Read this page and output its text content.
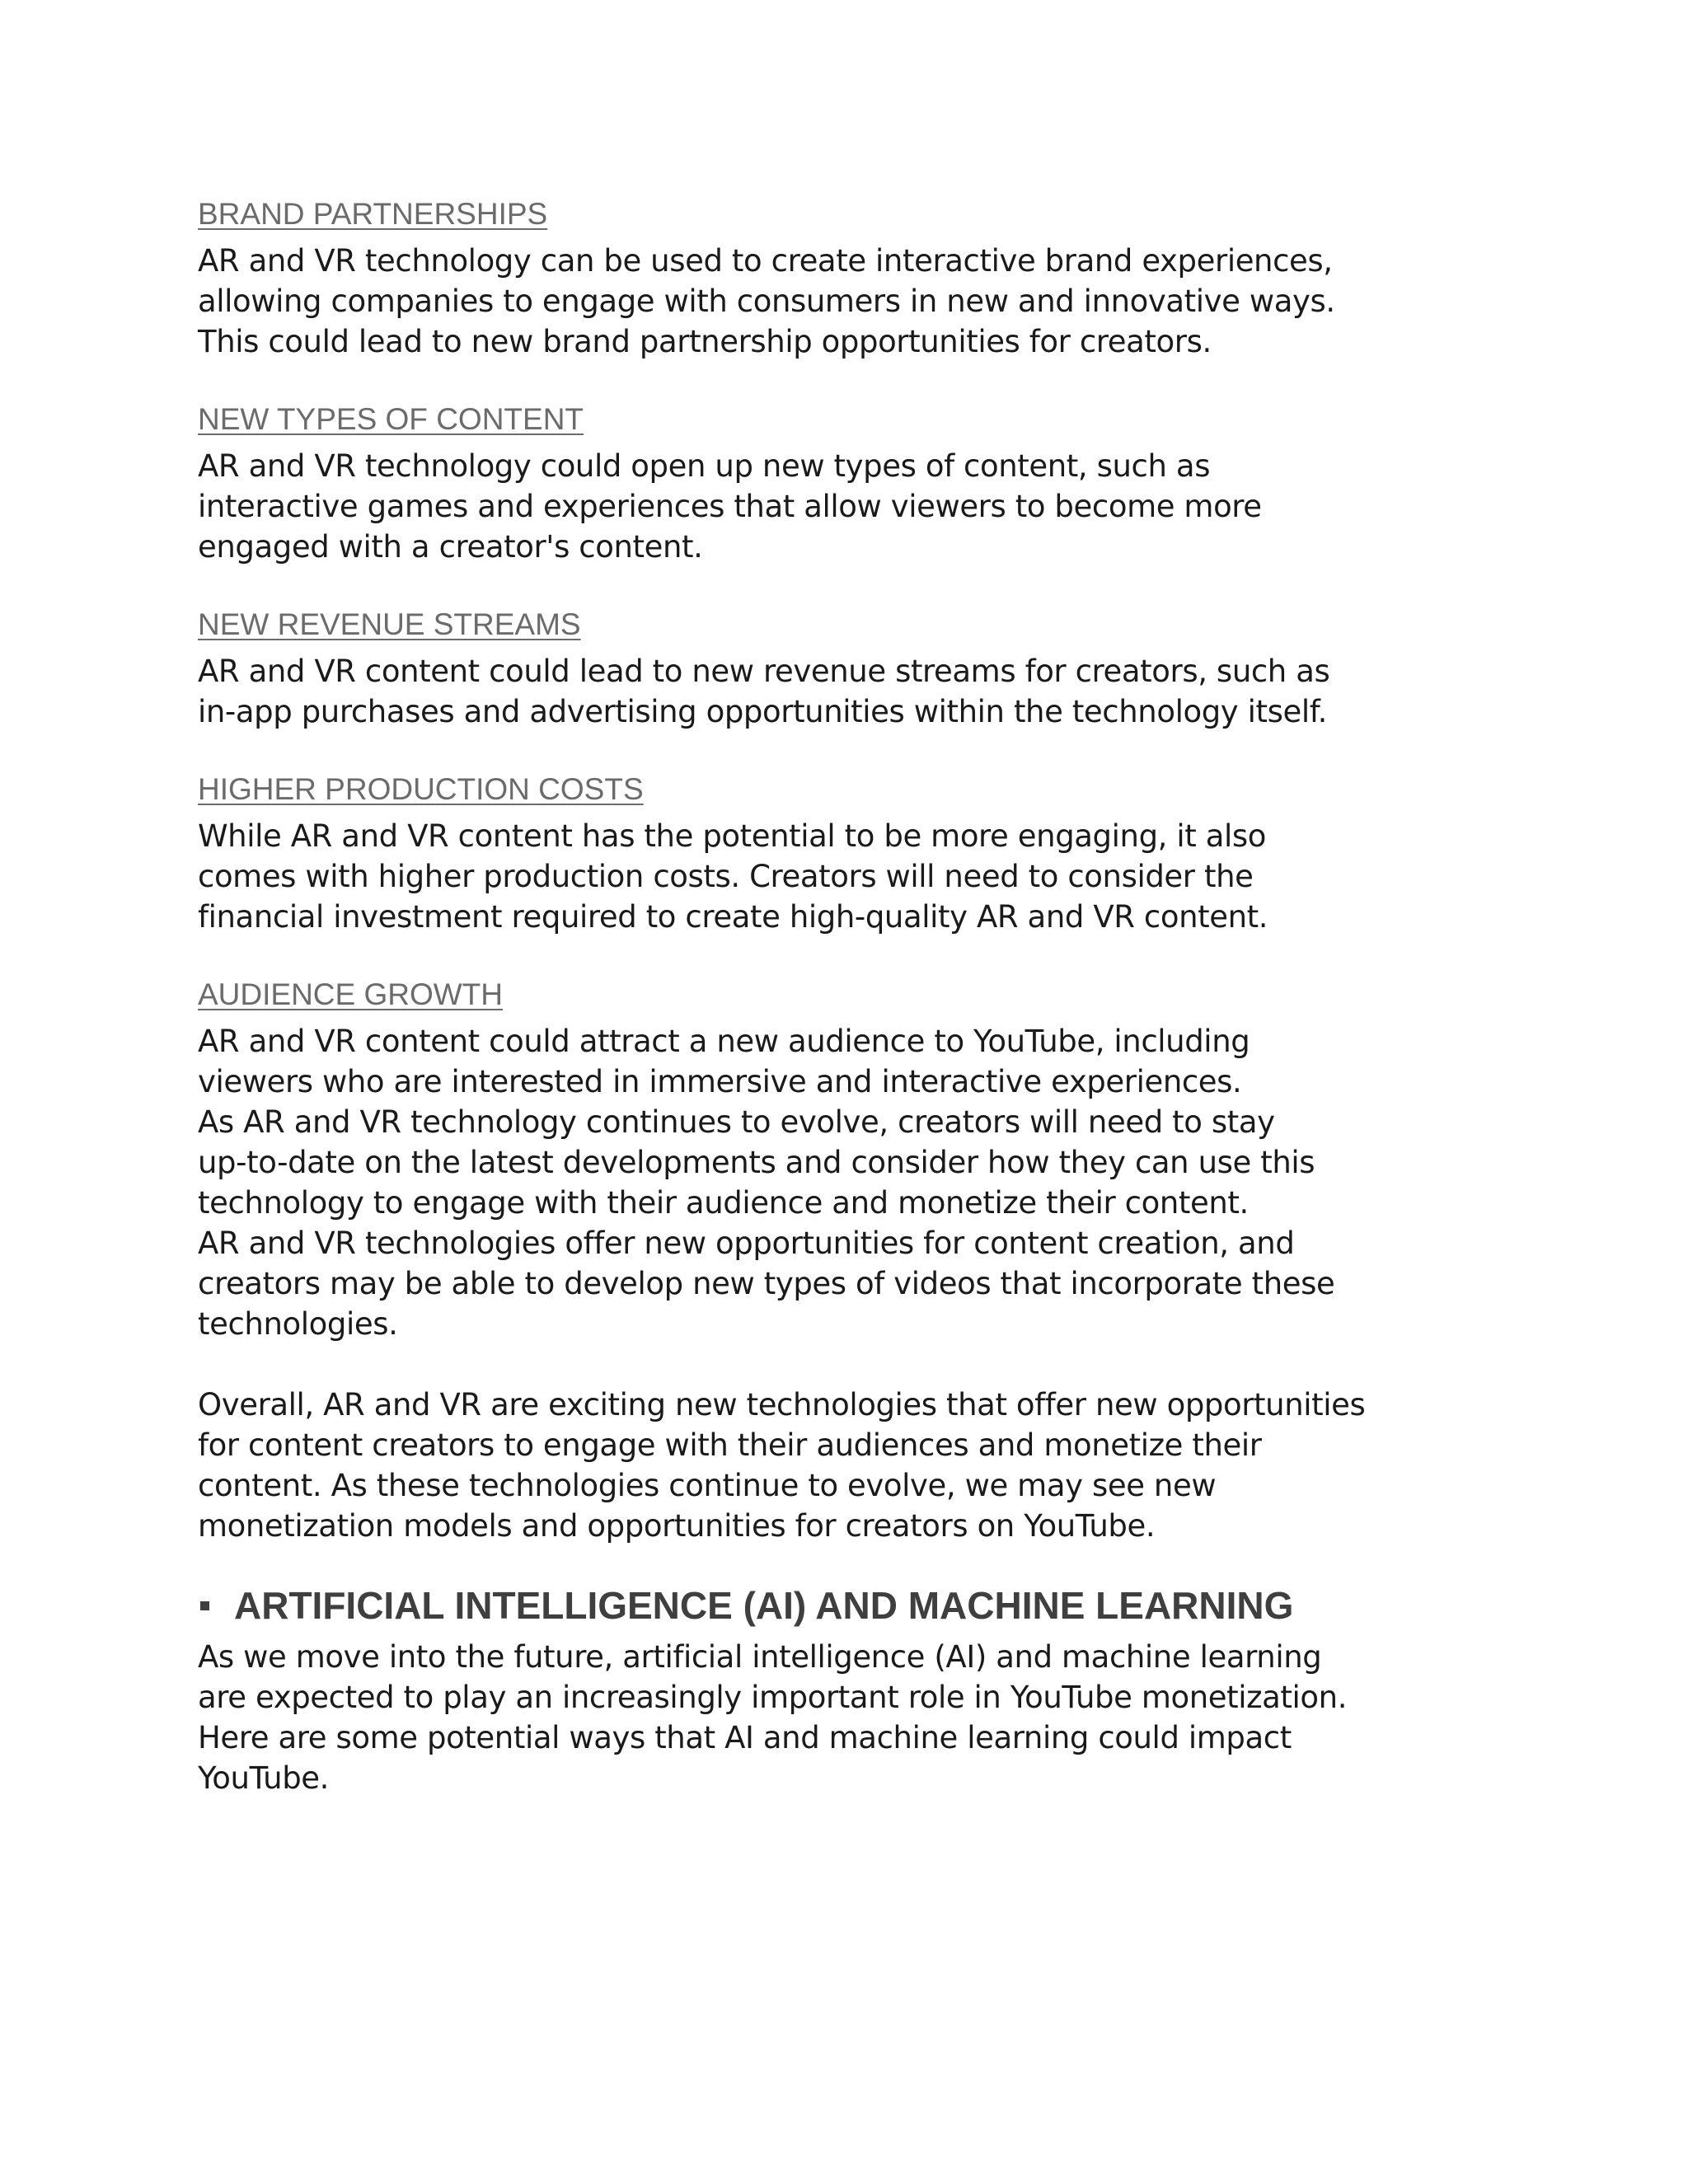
BRAND PARTNERSHIPS

AR and VR technology can be used to create interactive brand experiences,
allowing companies to engage with consumers in new and innovative ways.
This could lead to new brand partnership opportunities for creators.

NEW TYPES OF CONTENT

AR and VR technology could open up new types of content, such as
interactive games and experiences that allow viewers to become more
engaged with a creator's content.

NEW REVENUE STREAMS

AR and VR content could lead to new revenue streams for creators, such as
in-app purchases and advertising opportunities within the technology itself.

HIGHER PRODUCTION COSTS

While AR and VR content has the potential to be more engaging, it also
comes with higher production costs. Creators will need to consider the
financial investment required to create high-quality AR and VR content.

AUDIENCE GROWTH

AR and VR content could attract a new audience to YouTube, including
viewers who are interested in immersive and interactive experiences.
As AR and VR technology continues to evolve, creators will need to stay
up-to-date on the latest developments and consider how they can use this
technology to engage with their audience and monetize their content.
AR and VR technologies offer new opportunities for content creation, and
creators may be able to develop new types of videos that incorporate these
technologies.

Overall, AR and VR are exciting new technologies that offer new opportunities
for content creators to engage with their audiences and monetize their
content. As these technologies continue to evolve, we may see new
monetization models and opportunities for creators on YouTube.

ARTIFICIAL INTELLIGENCE (AI) AND MACHINE LEARNING

As we move into the future, artificial intelligence (AI) and machine learning
are expected to play an increasingly important role in YouTube monetization.
Here are some potential ways that AI and machine learning could impact
YouTube.
